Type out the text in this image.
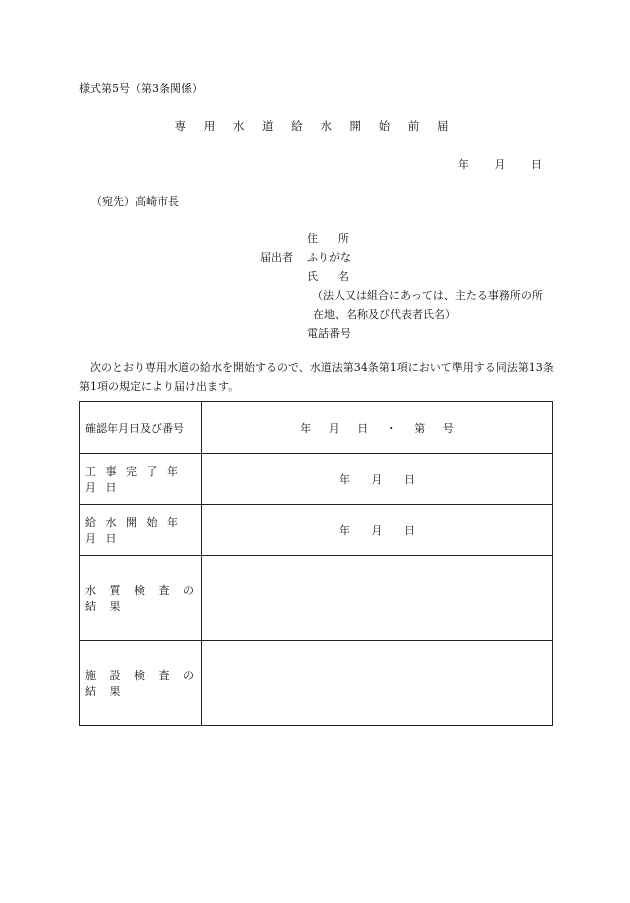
様式第5号（第3条関係）
専 用 水 道 給 水 開 始 前 届
年 月 日
（宛先）高崎市長
届出者
住所
ふりがな
氏名
（法人又は組合にあっては、主たる事務所の所
在地、名称及び代表者氏名）
電話番号
次のとおり専用水道の給水を開始するので、水道法第34条第1項において準用する同法第13条第1項の規定により届け出ます。
確認年月日及び番号	年 月 日 ・ 第 号
工 事 完 了 年 月 日	年 月 日
給 水 開 始 年 月 日	年 月 日
水 質 検 査 の 結 果	
施 設 検 査 の 結 果	
